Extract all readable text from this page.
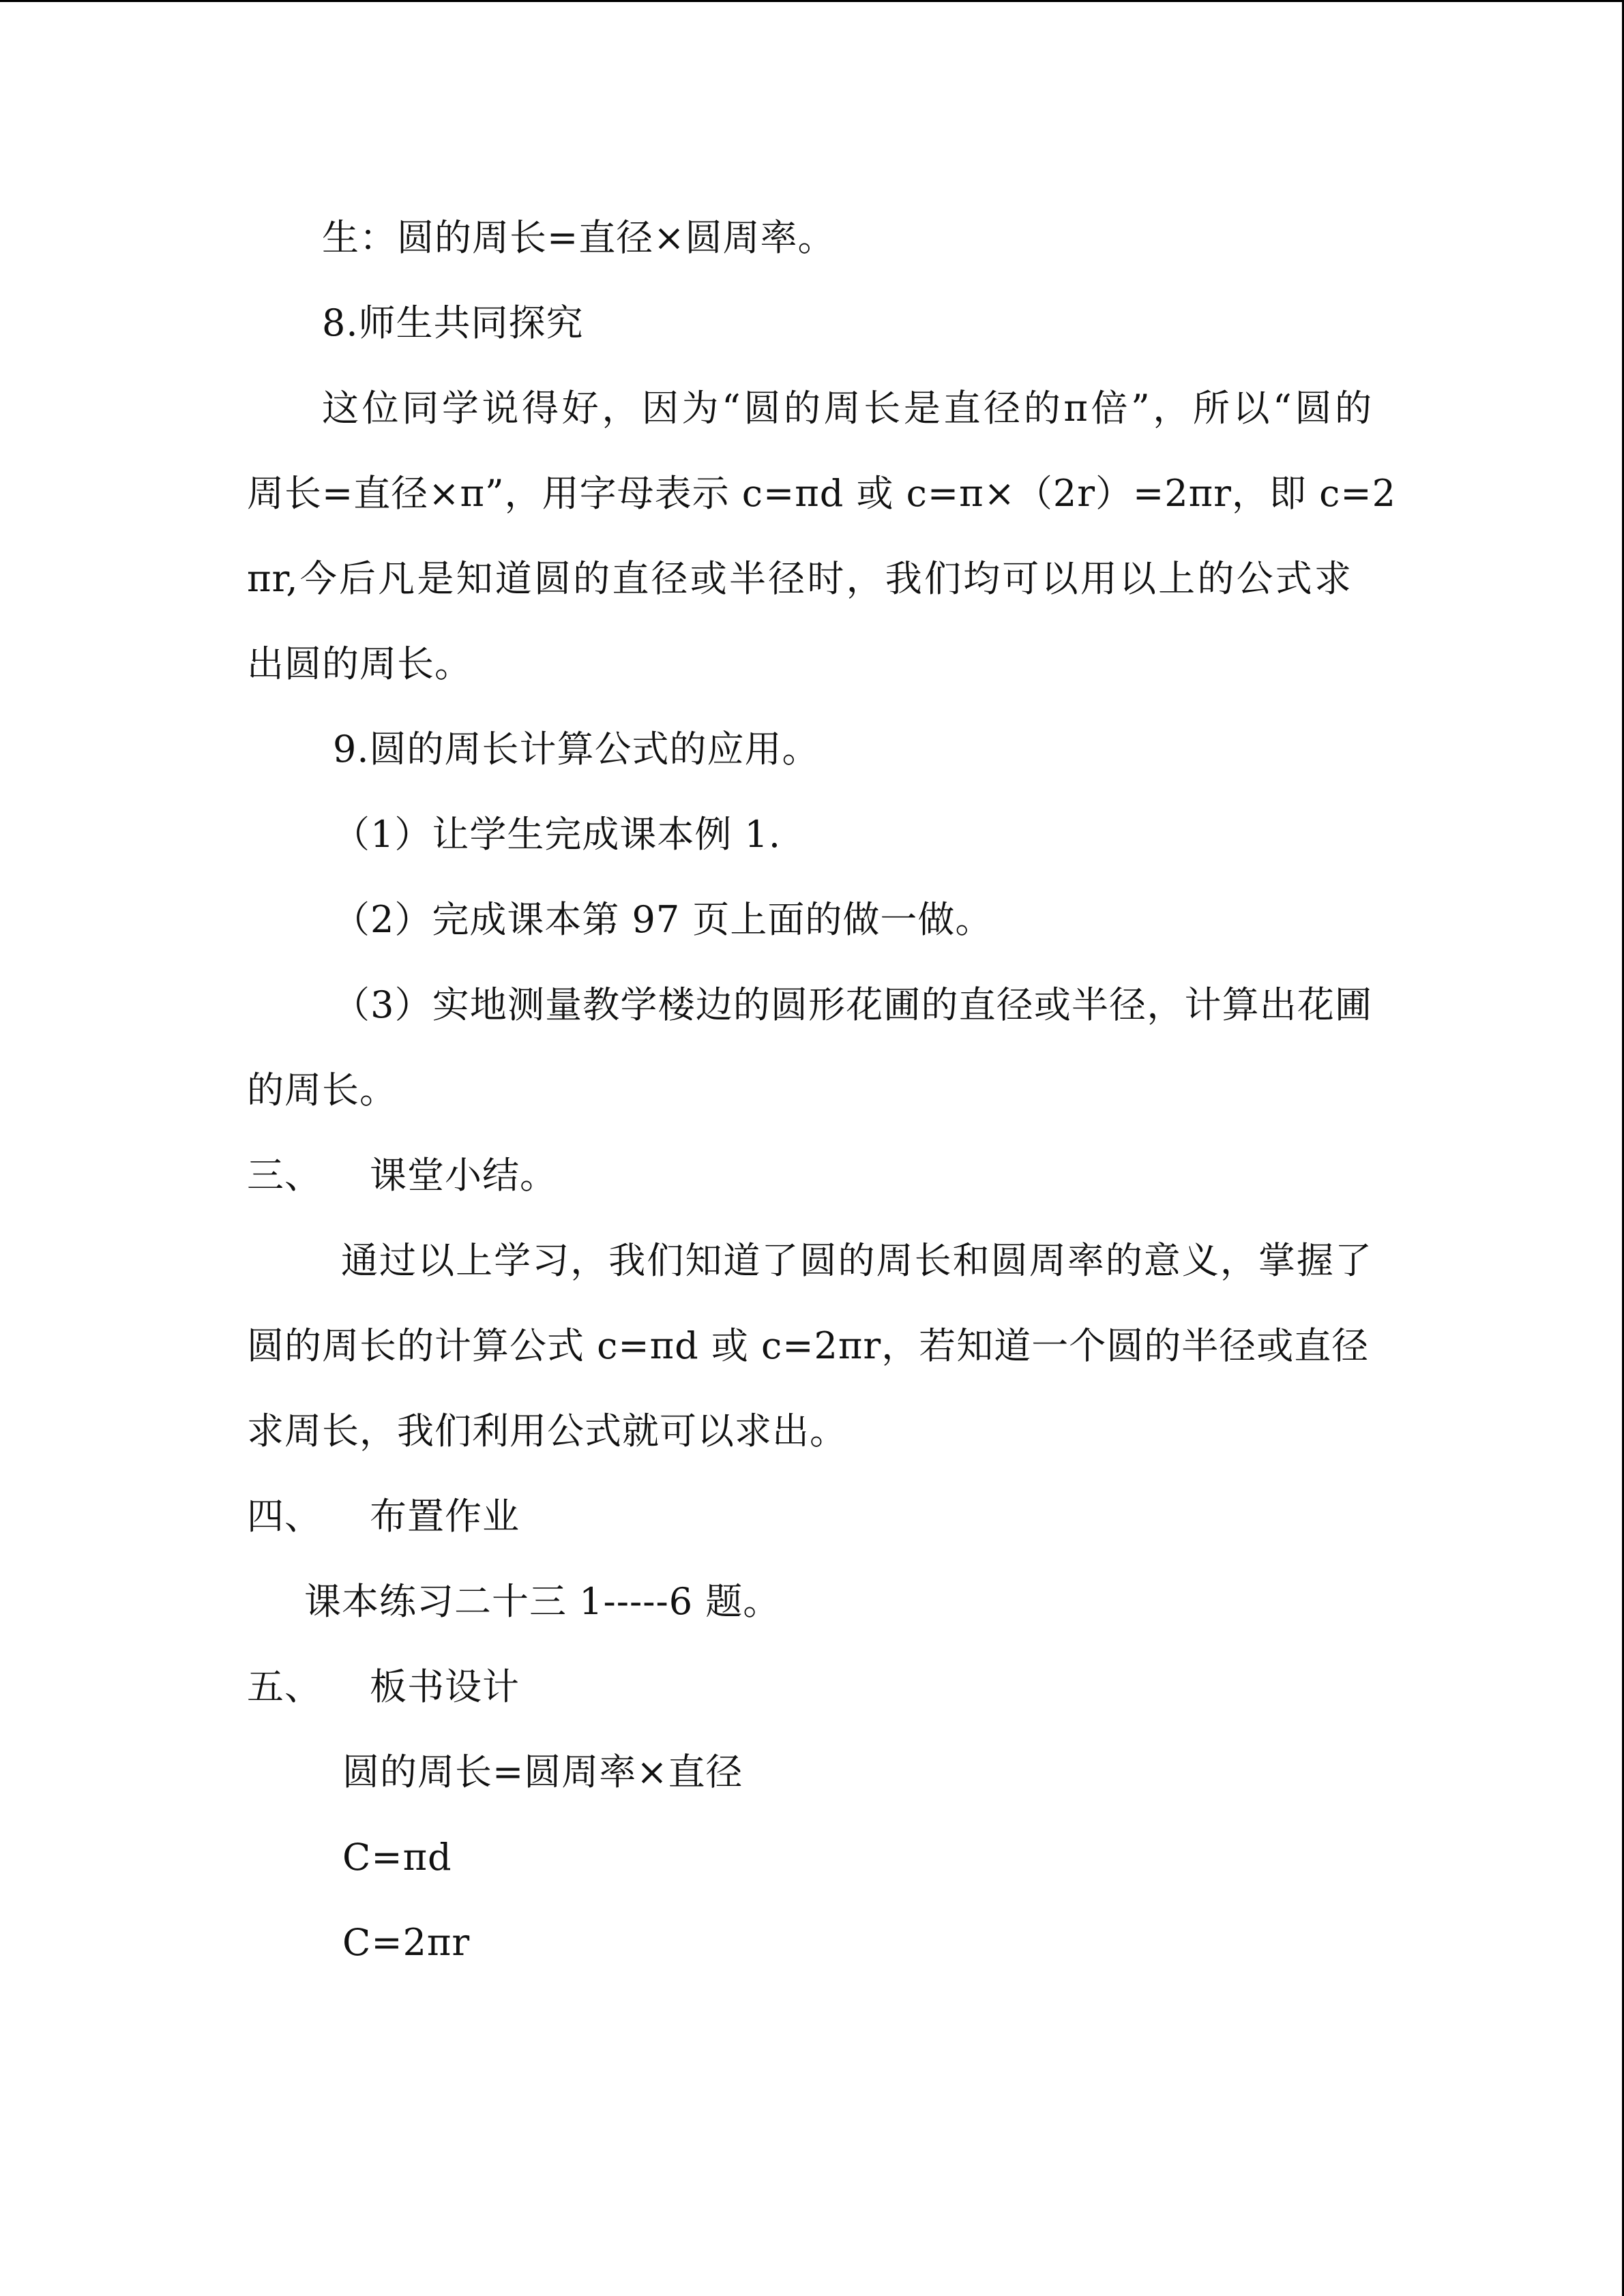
生：圆的周长=直径×圆周率。
8.师生共同探究
这位同学说得好，因为“圆的周长是直径的π倍”，所以“圆的
周长=直径×π”，用字母表示 c=πd 或 c=π×（2r）=2πr，即 c=2
πr,今后凡是知道圆的直径或半径时，我们均可以用以上的公式求
出圆的周长。
9.圆的周长计算公式的应用。
（1）让学生完成课本例 1.
（2）完成课本第 97 页上面的做一做。
（3）实地测量教学楼边的圆形花圃的直径或半径，计算出花圃
的周长。
三、 课堂小结。
通过以上学习，我们知道了圆的周长和圆周率的意义，掌握了
圆的周长的计算公式 c=πd 或 c=2πr，若知道一个圆的半径或直径
求周长，我们利用公式就可以求出。
四、 布置作业
课本练习二十三 1-----6 题。
五、 板书设计
圆的周长=圆周率×直径
C=πd
C=2πr
